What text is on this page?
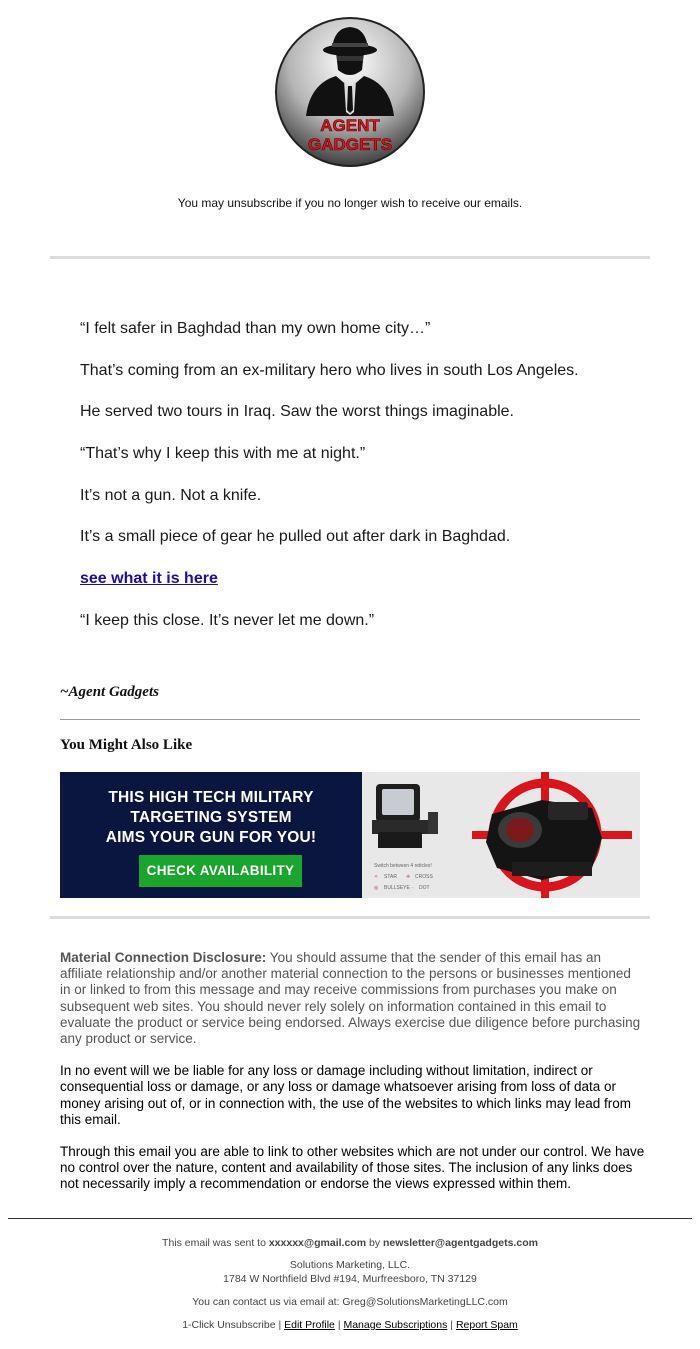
AGENT
GADGETS
You may unsubscribe if you no longer wish to receive our emails.

“I felt safer in Baghdad than my own home city…”

That’s coming from an ex-military hero who lives in south Los Angeles.

He served two tours in Iraq. Saw the worst things imaginable.

“That’s why I keep this with me at night.”

It’s not a gun. Not a knife.

It’s a small piece of gear he pulled out after dark in Baghdad.

see what it is here

“I keep this close. It’s never let me down.”

~Agent Gadgets
You Might Also Like
THIS HIGH TECH MILITARY
TARGETING SYSTEM
AIMS YOUR GUN FOR YOU!
CHECK AVAILABILITY	Switch between 4 reticles!
✧ STAR ✛ CROSS
◎ BULLSEYE · DOT

Material Connection Disclosure: You should assume that the sender of this email has an affiliate relationship and/or another material connection to the persons or businesses mentioned in or linked to from this message and may receive commissions from purchases you make on subsequent web sites. You should never rely solely on information contained in this email to evaluate the product or service being endorsed. Always exercise due diligence before purchasing any product or service.

In no event will we be liable for any loss or damage including without limitation, indirect or consequential loss or damage, or any loss or damage whatsoever arising from loss of data or money arising out of, or in connection with, the use of the websites to which links may lead from this email.

Through this email you are able to link to other websites which are not under our control. We have no control over the nature, content and availability of those sites. The inclusion of any links does not necessarily imply a recommendation or endorse the views expressed within them.

This email was sent to xxxxxx@gmail.com by newsletter@agentgadgets.com
Solutions Marketing, LLC.
1784 W Northfield Blvd #194, Murfreesboro, TN 37129
You can contact us via email at: Greg@SolutionsMarketingLLC.com
1-Click Unsubscribe | Edit Profile | Manage Subscriptions | Report Spam
